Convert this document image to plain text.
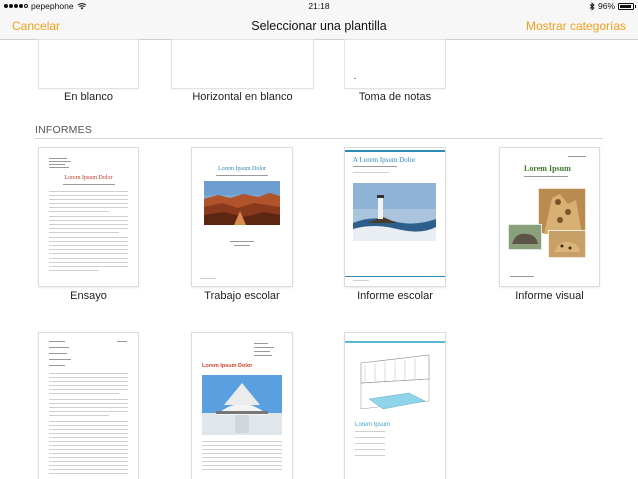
pepephone	21:18	96%
Cancelar	Seleccionar una plantilla	Mostrar categorías
En blanco	Horizontal en blanco	Toma de notas
INFORMES
Lorem Ipsum Dolor
Ensayo
Lorem Ipsum Dolor
Trabajo escolar
A Lorem Ipsum Dolor
Informe escolar
Lorem Ipsum
Informe visual
Lorem Ipsum Dolor
Lorem Ipsum
